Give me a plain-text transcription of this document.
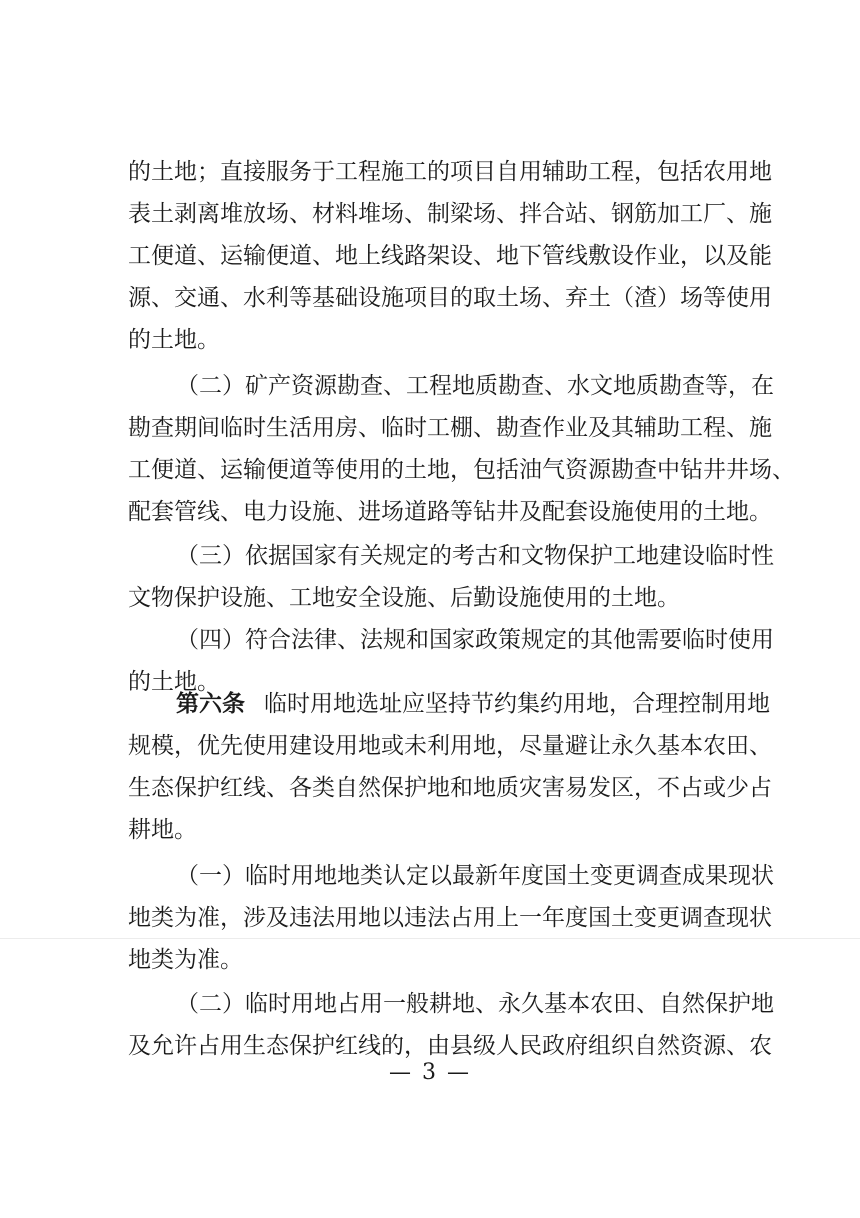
的土地；直接服务于工程施工的项目自用辅助工程，包括农用地
表土剥离堆放场、材料堆场、制梁场、拌合站、钢筋加工厂、施
工便道、运输便道、地上线路架设、地下管线敷设作业，以及能
源、交通、水利等基础设施项目的取土场、弃土（渣）场等使用
的土地。
（二）矿产资源勘查、工程地质勘查、水文地质勘查等，在
勘查期间临时生活用房、临时工棚、勘查作业及其辅助工程、施
工便道、运输便道等使用的土地，包括油气资源勘查中钻井井场、
配套管线、电力设施、进场道路等钻井及配套设施使用的土地。
（三）依据国家有关规定的考古和文物保护工地建设临时性
文物保护设施、工地安全设施、后勤设施使用的土地。
（四）符合法律、法规和国家政策规定的其他需要临时使用
的土地。
第六条 临时用地选址应坚持节约集约用地，合理控制用地
规模，优先使用建设用地或未利用地，尽量避让永久基本农田、
生态保护红线、各类自然保护地和地质灾害易发区，不占或少占
耕地。
（一）临时用地地类认定以最新年度国土变更调查成果现状
地类为准，涉及违法用地以违法占用上一年度国土变更调查现状
地类为准。
（二）临时用地占用一般耕地、永久基本农田、自然保护地
及允许占用生态保护红线的，由县级人民政府组织自然资源、农
— 3 —
